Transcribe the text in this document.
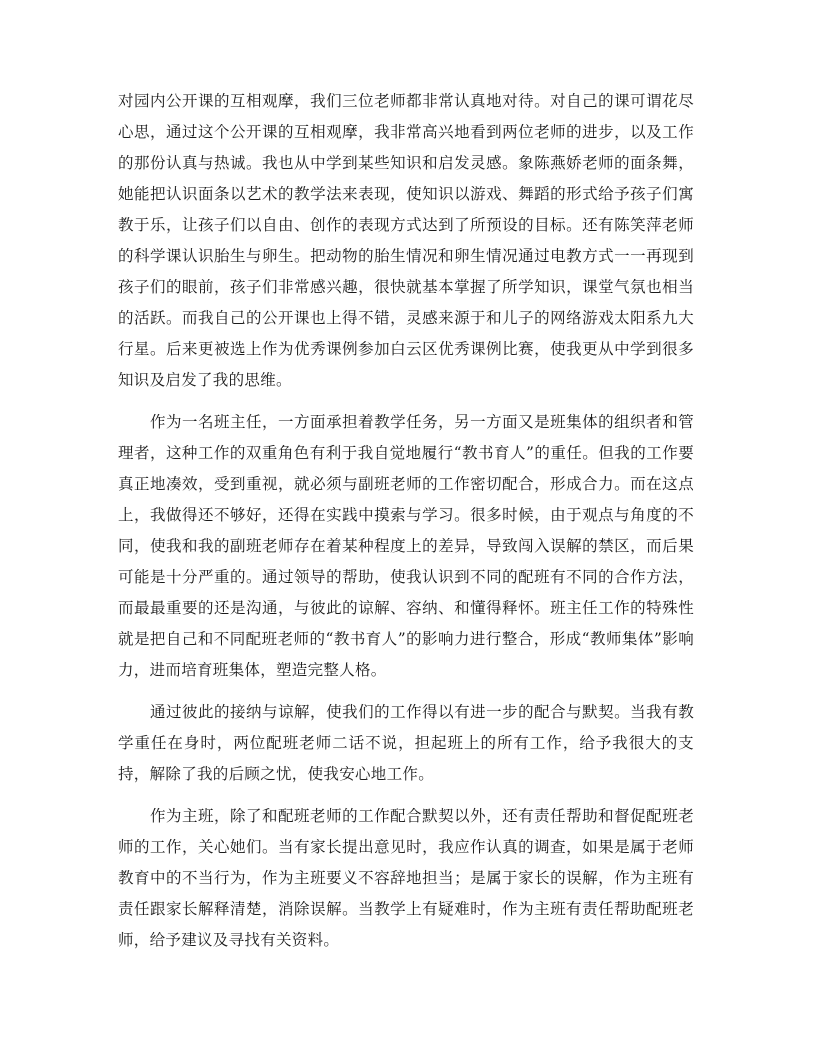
对园内公开课的互相观摩，我们三位老师都非常认真地对待。对自己的课可谓花尽心思，通过这个公开课的互相观摩，我非常高兴地看到两位老师的进步，以及工作的那份认真与热诚。我也从中学到某些知识和启发灵感。象陈燕娇老师的面条舞，她能把认识面条以艺术的教学法来表现，使知识以游戏、舞蹈的形式给予孩子们寓教于乐，让孩子们以自由、创作的表现方式达到了所预设的目标。还有陈笑萍老师的科学课认识胎生与卵生。把动物的胎生情况和卵生情况通过电教方式一一再现到孩子们的眼前，孩子们非常感兴趣，很快就基本掌握了所学知识，课堂气氛也相当的活跃。而我自己的公开课也上得不错，灵感来源于和儿子的网络游戏太阳系九大行星。后来更被选上作为优秀课例参加白云区优秀课例比赛，使我更从中学到很多知识及启发了我的思维。

作为一名班主任，一方面承担着教学任务，另一方面又是班集体的组织者和管理者，这种工作的双重角色有利于我自觉地履行“教书育人”的重任。但我的工作要真正地凑效，受到重视，就必须与副班老师的工作密切配合，形成合力。而在这点上，我做得还不够好，还得在实践中摸索与学习。很多时候，由于观点与角度的不同，使我和我的副班老师存在着某种程度上的差异，导致闯入误解的禁区，而后果可能是十分严重的。通过领导的帮助，使我认识到不同的配班有不同的合作方法，而最最重要的还是沟通，与彼此的谅解、容纳、和懂得释怀。班主任工作的特殊性就是把自己和不同配班老师的“教书育人”的影响力进行整合，形成“教师集体”影响力，进而培育班集体，塑造完整人格。

通过彼此的接纳与谅解，使我们的工作得以有进一步的配合与默契。当我有教学重任在身时，两位配班老师二话不说，担起班上的所有工作，给予我很大的支持，解除了我的后顾之忧，使我安心地工作。

作为主班，除了和配班老师的工作配合默契以外，还有责任帮助和督促配班老师的工作，关心她们。当有家长提出意见时，我应作认真的调查，如果是属于老师教育中的不当行为，作为主班要义不容辞地担当；是属于家长的误解，作为主班有责任跟家长解释清楚，消除误解。当教学上有疑难时，作为主班有责任帮助配班老师，给予建议及寻找有关资料。
